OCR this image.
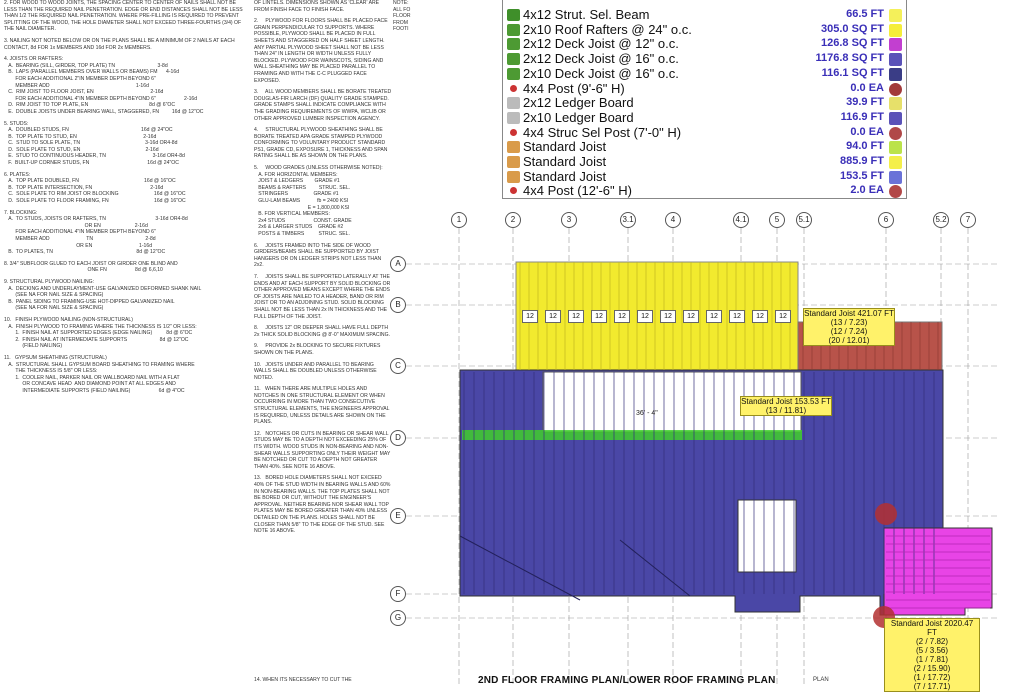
2. FOR WOOD TO WOOD JOINTS, THE SPACING CENTER TO CENTER OF NAILS SHALL NOT BE LESS THAN THE REQUIRED NAIL PENETRATION. EDGE OR END DISTANCES SHALL NOT BE LESS THAN 1/2 THE REQUIRED NAIL PENETRATION. WHERE PRE-FILLING IS REQUIRED TO PREVENT SPLITTING OF THE WOOD, THE HOLE DIAMETER SHALL NOT EXCEED THREE-FOURTHS (3/4) OF THE NAIL DIAMETER.
3. NAILING NOT NOTED BELOW OR ON THE PLANS SHALL BE A MINIMUM OF 2 NAILS AT EACH CONTACT, 8d FOR 1x MEMBERS AND 16d FOR 2x MEMBERS.
4. JOISTS OR RAFTERS:
A.  BEARING (SILL, GIRDER, TOP PLATE) TN                              3-8d
B.  LAPS (PARALLEL MEMBERS OVER WALLS OR BEAMS) FM      4-16d
FOR EACH ADDITIONAL 2"IN MEMBER DEPTH BEYOND 6"
MEMBER ADD                                                             1-16d
C.  RIM JOIST TO FLOOR JOIST, EN                                        2-16d
FOR EACH ADDITIONAL 4"IN MEMBER DEPTH BEYOND 6"                    2-16d
D.  RIM JOIST TO TOP PLATE, EN                                           8d @ 6"OC
E.  DOUBLE JOISTS UNDER BEARING WALL, STAGGERED, FN         16d @ 12"OC
5. STUDS:
A.  DOUBLED STUDS, FN                                                   16d @ 24"OC
B.  TOP PLATE TO STUD, EN                                               2-16d
C.  STUD TO SOLE PLATE, TN                                              3-16d OR4-8d
D.  SOLE PLATE TO STUD, EN                                              2-16d
E.  STUD TO CONTINUOUS HEADER, TN                                 3-16d OR4-8d
F.  BUILT-UP CORNER STUDS, FN                                         16d @ 24"OC
6. PLATES:
A.  TOP PLATE DOUBLED, FN                                              16d @ 16"OC
B.  TOP PLATE INTERSECTION, FN                                         2-16d
C.  SOLE PLATE TO RIM JOIST OR BLOCKING                         16d @ 16"OC
D.  SOLE PLATE TO FLOOR FRAMING, FN                                16d @ 16"OC
7. BLOCKING:
A.  TO STUDS, JOISTS OR RAFTERS, TN                                   3-16d OR4-8d
OR EN                        2-16d
FOR EACH ADDITIONAL 4"IN MEMBER DEPTH BEYOND 6"
MEMBER ADD                          TN                                     2-8d
OR EN                                 1-16d
B.  TO PLATES, TN                                                           8d @ 12"OC
8. 3/4" SUBFLOOR GLUED TO EACH JOIST OR GIRDER ONE BLIND AND
ONE FN                    8d @ 6,6,10
9. STRUCTURAL PLYWOOD NAILING:
A.  DECKING AND UNDERLAYMENT-USE GALVANIZED DEFORMED SHANK NAIL
(SEE NA FOR NAIL SIZE & SPACING)
B.  PANEL SIDING TO FRAMING-USE HOT-DIPPED GALVANIZED NAIL
(SEE NA FOR NAIL SIZE & SPACING)
10.   FINISH PLYWOOD NAILING (NON-STRUCTURAL)
A.  FINISH PLYWOOD TO FRAMING WHERE THE THICKNESS IS 1/2" OR LESS:
1.  FINISH NAIL AT SUPPORTED EDGES (EDGE NAILING)          8d @ 6"OC
2.  FINISH NAIL AT INTERMEDIATE SUPPORTS                       8d @ 12"OC
(FIELD NAILING)
11.   GYPSUM SHEATHING (STRUCTURAL)
A.  STRUCTURAL SHALL GYPSUM BOARD SHEATHING TO FRAMING WHERE
THE THICKNESS IS 5/8" OR LESS:
1.  COOLER NAIL, PARKER NAIL OR WALLBOARD NAIL WITH A FLAT
OR CONCAVE HEAD  AND DIAMOND POINT AT ALL EDGES AND
INTERMEDIATE SUPPORTS (FIELD NAILING)                    6d @ 4"OC
OF LINTELS. DIMENSIONS SHOWN AS 'CLEAR' ARE FROM FINISH FACE TO FINISH FACE.
2.     PLYWOOD FOR FLOORS SHALL BE PLACED FACE GRAIN PERPENDICULAR TO SUPPORTS. WHERE POSSIBLE, PLYWOOD SHALL BE PLACED IN FULL SHEETS AND STAGGERED ON HALF SHEET LENGTH. ANY PARTIAL PLYWOOD SHEET SHALL NOT BE LESS THAN 24" IN LENGTH OR WIDTH UNLESS FULLY BLOCKED. PLYWOOD FOR WAINSCOTS, SIDING AND WALL SHEATHING MAY BE PLACED PARALLEL TO FRAMING AND WITH THE C-C PLUGGED FACE EXPOSED.
3.     ALL WOOD MEMBERS SHALL BE BORATE TREATED DOUGLAS-FIR LARCH (DF) QUALITY GRADE STAMPED. GRADE STAMPS SHALL INDICATE COMPLIANCE WITH THE GRADING REQUIREMENTS OF WWPA, WCLIB OR OTHER APPROVED LUMBER INSPECTION AGENCY.
4.     STRUCTURAL PLYWOOD SHEATHING SHALL BE BORATE TREATED APA GRADE STAMPED PLYWOOD CONFORMING TO VOLUNTARY PRODUCT STANDARD PS1, GRADE CD, EXPOSURE 1, THICKNESS AND SPAN RATING SHALL BE AS SHOWN ON THE PLANS.
5.     WOOD GRADES (UNLESS OTHERWISE NOTED):
A. FOR HORIZONTAL MEMBERS:
JOIST & LEDGERS        GRADE #1
BEAMS & RAFTERS         STRUC. SEL.
STRINGERS                  GRADE #1
GLU-LAM BEAMS            fb = 2400 KSI
E = 1,800,000 KSI
B. FOR VERTICAL MEMBERS:
2x4 STUDS                    CONST. GRADE
2x6 & LARGER STUDS    GRADE #2
POSTS & TIMBERS          STRUC. SEL.
6.     JOISTS FRAMED INTO THE SIDE OF WOOD GIRDERS/BEAMS SHALL BE SUPPORTED BY JOIST HANGERS OR ON LEDGER STRIPS NOT LESS THAN 2x2.
7.     JOISTS SHALL BE SUPPORTED LATERALLY AT THE ENDS AND AT EACH SUPPORT BY SOLID BLOCKING OR OTHER APPROVED MEANS EXCEPT WHERE THE ENDS OF JOISTS ARE NAILED TO A HEADER, BAND OR RIM JOIST OR TO AN ADJOINING STUD. SOLID BLOCKING SHALL NOT BE LESS THAN 2x IN THICKNESS AND THE FULL DEPTH OF THE JOIST.
8.     JOISTS 12" OR DEEPER SHALL HAVE FULL DEPTH 2x THICK SOLID BLOCKING @ 8'-0" MAXIMUM SPACING.
9.     PROVIDE 2x BLOCKING TO SECURE FIXTURES SHOWN ON THE PLANS.
10.   JOISTS UNDER AND PARALLEL TO BEARING WALLS SHALL BE DOUBLED UNLESS OTHERWISE NOTED.
11.   WHEN THERE ARE MULTIPLE HOLES AND NOTCHES IN ONE STRUCTURAL ELEMENT OR WHEN OCCURRING IN MORE THAN TWO CONSECUTIVE STRUCTURAL ELEMENTS, THE ENGINEERS APPROVAL IS REQUIRED, UNLESS DETAILS ARE SHOWN ON THE PLANS.
12.   NOTCHES OR CUTS IN BEARING OR SHEAR WALL STUDS MAY BE TO A DEPTH NOT EXCEEDING 25% OF ITS WIDTH. WOOD STUDS IN NON-BEARING AND NON-SHEAR WALLS SUPPORTING ONLY THEIR WEIGHT MAY BE NOTCHED OR CUT TO A DEPTH NOT GREATER THAN 40%. SEE NOTE 16 ABOVE.
13.   BORED HOLE DIAMETERS SHALL NOT EXCEED 40% OF THE STUD WIDTH IN BEARING WALLS AND 60% IN NON-BEARING WALLS. THE TOP PLATES SHALL NOT BE BORED OR CUT, WITHOUT THE ENGINEER'S APPROVAL. NEITHER BEARING NOR SHEAR WALL TOP PLATES MAY BE BORED GREATER THAN 40% UNLESS DETAILED ON THE PLANS. HOLES SHALL NOT BE CLOSER THAN 5/8" TO THE EDGE OF THE STUD. SEE NOTE 16 ABOVE.
NOTE:
ALL FO
FLOOR
FROM
FOOTI
14. WHEN ITS NECESSARY TO CUT THE
4x12 Strut. Sel. Beam	66.5 FT
2x10 Roof Rafters @ 24" o.c.	305.0 SQ FT
2x12 Deck Joist @ 12" o.c.	126.8 SQ FT
2x12 Deck Joist @ 16" o.c.	1176.8 SQ FT
2x10 Deck Joist @ 16" o.c.	116.1 SQ FT
4x4 Post (9'-6" H)	0.0 EA
2x12 Ledger Board	39.9 FT
2x10 Ledger Board	116.9 FT
4x4 Struc Sel Post (7'-0" H)	0.0 EA
Standard Joist	94.0 FT
Standard Joist	885.9 FT
Standard Joist	153.5 FT
4x4 Post (12'-6" H)	2.0 EA
1	2	3	3.1	4	4.1	5	5.1	6	5.2	7
A
B
C
D
E
F
G
12	12	12	12	12	12	12	12	12	12	12	12	Standard Joist 421.07 FT
(13 / 7.23)
(12 / 7.24)
(20 / 12.01)
Standard Joist 153.53 FT
(13 / 11.81)
Standard Joist 2020.47 FT
(2 / 7.82)
(5 / 3.56)
(1 / 7.81)
(2 / 15.90)
(1 / 17.72)
(7 / 17.71)
36' - 4"
2ND FLOOR FRAMING PLAN/LOWER ROOF FRAMING PLAN	PLAN
